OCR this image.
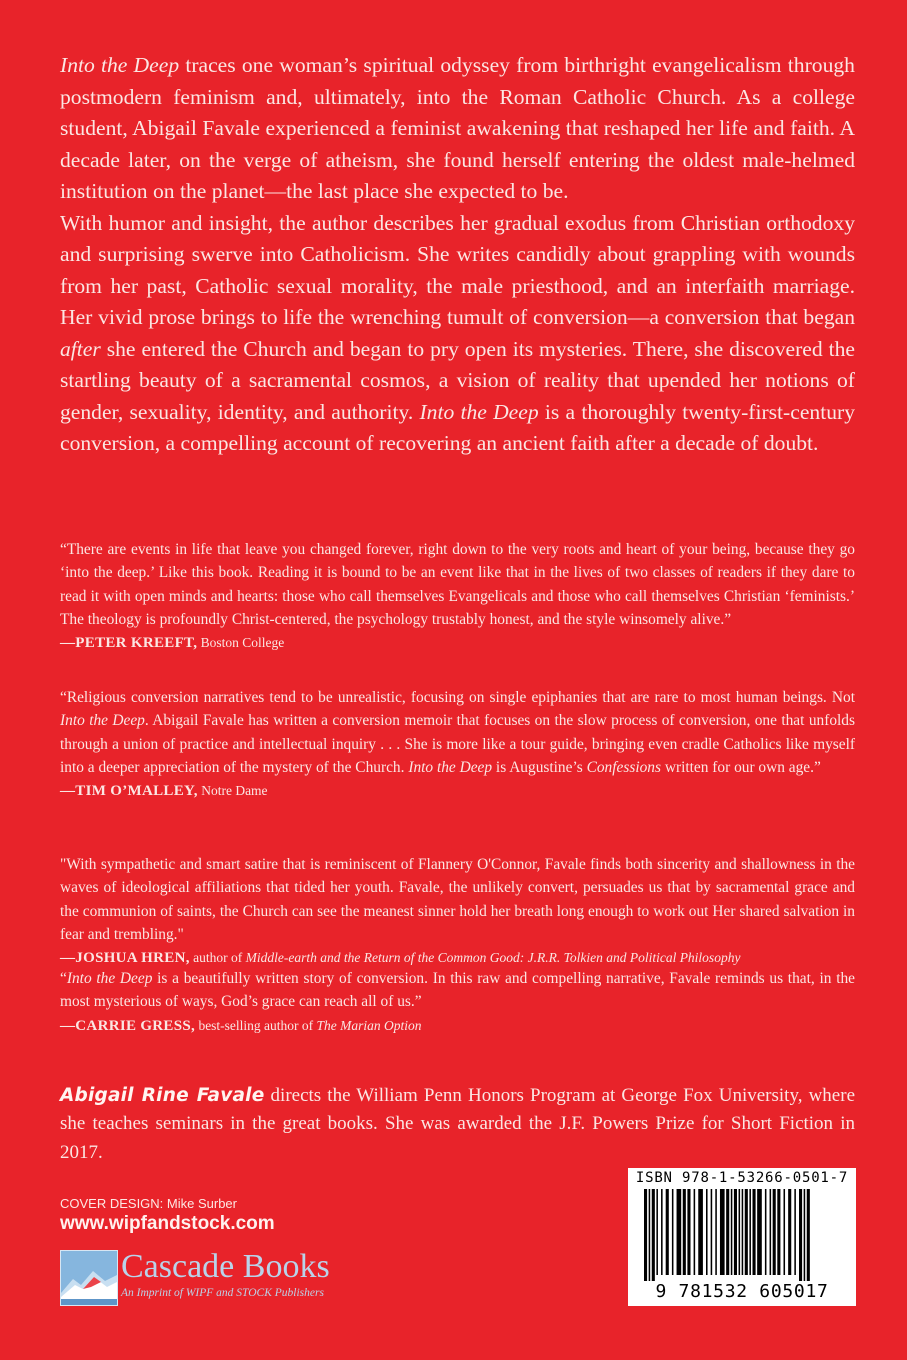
Into the Deep traces one woman’s spiritual odyssey from birthright evangelicalism through postmodern feminism and, ultimately, into the Roman Catholic Church. As a college student, Abigail Favale experienced a feminist awakening that reshaped her life and faith. A decade later, on the verge of atheism, she found herself entering the oldest male-helmed institution on the planet—the last place she expected to be.

With humor and insight, the author describes her gradual exodus from Christian orthodoxy and surprising swerve into Catholicism. She writes candidly about grappling with wounds from her past, Catholic sexual morality, the male priesthood, and an interfaith marriage. Her vivid prose brings to life the wrenching tumult of conversion—a conversion that began after she entered the Church and began to pry open its mysteries. There, she discovered the startling beauty of a sacramental cosmos, a vision of reality that upended her notions of gender, sexuality, identity, and authority. Into the Deep is a thoroughly twenty-first-century conversion, a compelling account of recovering an ancient faith after a decade of doubt.

“There are events in life that leave you changed forever, right down to the very roots and heart of your being, because they go ‘into the deep.’ Like this book. Reading it is bound to be an event like that in the lives of two classes of readers if they dare to read it with open minds and hearts: those who call themselves Evangelicals and those who call themselves Christian ‘feminists.’ The theology is profoundly Christ-centered, the psychology trustably honest, and the style winsomely alive.”

—PETER KREEFT, Boston College

“Religious conversion narratives tend to be unrealistic, focusing on single epiphanies that are rare to most human beings. Not Into the Deep. Abigail Favale has written a conversion memoir that focuses on the slow process of conversion, one that unfolds through a union of practice and intellectual inquiry . . . She is more like a tour guide, bringing even cradle Catholics like myself into a deeper appreciation of the mystery of the Church. Into the Deep is Augustine’s Confessions written for our own age.”

—TIM O’MALLEY, Notre Dame

"With sympathetic and smart satire that is reminiscent of Flannery O'Connor, Favale finds both sincerity and shallowness in the waves of ideological affiliations that tided her youth. Favale, the unlikely convert, persuades us that by sacramental grace and the communion of saints, the Church can see the meanest sinner hold her breath long enough to work out Her shared salvation in fear and trembling."

—JOSHUA HREN, author of Middle-earth and the Return of the Common Good: J.R.R. Tolkien and Political Philosophy

“Into the Deep is a beautifully written story of conversion. In this raw and compelling narrative, Favale reminds us that, in the most mysterious of ways, God’s grace can reach all of us.”

—CARRIE GRESS, best-selling author of The Marian Option
Abigail Rine Favale directs the William Penn Honors Program at George Fox University, where she teaches seminars in the great books. She was awarded the J.F. Powers Prize for Short Fiction in 2017.
COVER DESIGN: Mike Surber
www.wipfandstock.com
Cascade Books
An Imprint of WIPF and STOCK Publishers
ISBN 978-1-53266-0501-7
9 781532 605017
